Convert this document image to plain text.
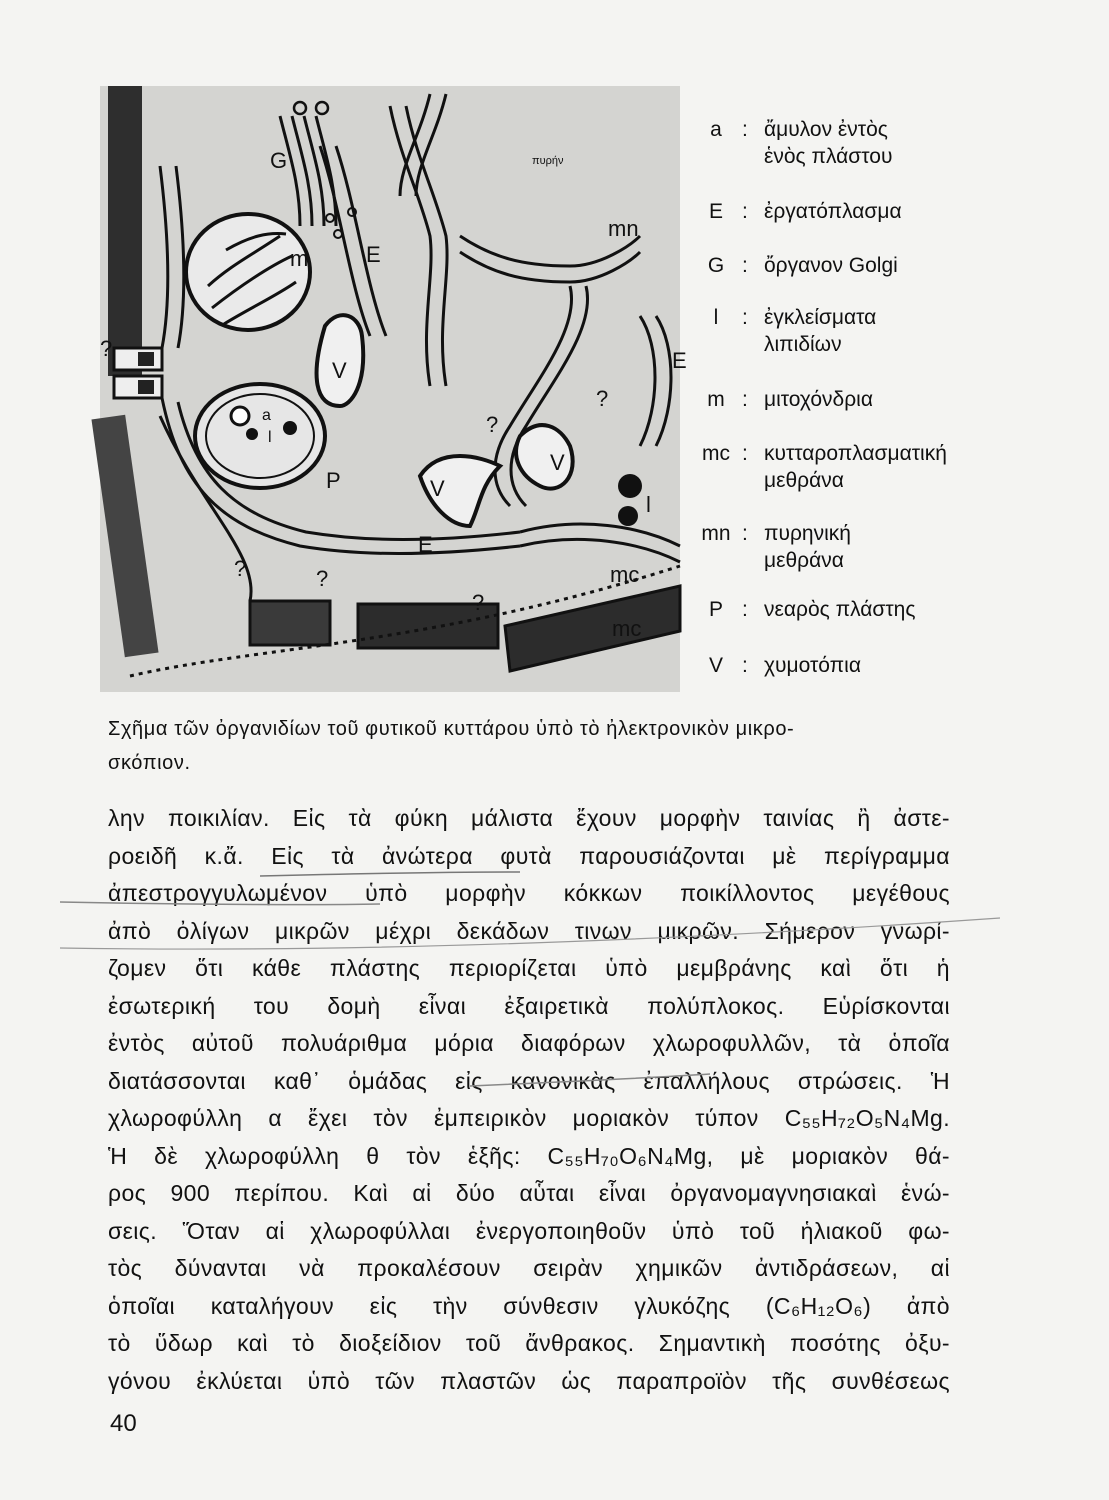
G
m	E
E
E
V
V
V
P
mn
mc
mc
l
a
l
?
?
?
?	?
?
πυρήν
a : ἄμυλον ἐντὸς
ἑνὸς πλάστου
E : ἐργατόπλασμα
G : ὄργανον Golgi
l	: ἐγκλείσματα
λιπιδίων
m : μιτοχόνδρια
mc : κυτταροπλασματική
μεθράνα
mn : πυρηνική
μεθράνα
P : νεαρὸς πλάστης
V : χυμοτόπια

Σχῆμα τῶν ὀργανιδίων τοῦ φυτικοῦ κυττάρου ὑπὸ τὸ ἠλεκτρονικὸν μικρο-
σκόπιον.

λην ποικιλίαν. Εἰς τὰ φύκη μάλιστα ἔχουν μορφὴν ταινίας ἢ ἀστε-
ροειδῆ κ.ἄ. Εἰς τὰ ἀνώτερα φυτὰ παρουσιάζονται μὲ περίγραμμα
ἀπεστρογγυλωμένον ὑπὸ μορφὴν κόκκων ποικίλλοντος μεγέθους
ἀπὸ ὀλίγων μικρῶν μέχρι δεκάδων τινων μικρῶν. Σήμερον γνωρί-
ζομεν ὅτι κάθε πλάστης περιορίζεται ὑπὸ μεμβράνης καὶ ὅτι ἡ
ἐσωτερική του δομὴ εἶναι ἐξαιρετικὰ πολύπλοκος. Εὑρίσκονται
ἐντὸς αὐτοῦ πολυάριθμα μόρια διαφόρων χλωροφυλλῶν, τὰ ὁποῖα
διατάσσονται καθ᾽ ὁμάδας εἰς κανονικὰς ἐπαλλήλους στρώσεις. Ἡ
χλωροφύλλη α ἔχει τὸν ἐμπειρικὸν μοριακὸν τύπον C₅₅H₇₂O₅N₄Mg.
Ἡ δὲ χλωροφύλλη θ τὸν ἑξῆς: C₅₅H₇₀O₆N₄Mg, μὲ μοριακὸν θά-
ρος 900 περίπου. Καὶ αἱ δύο αὗται εἶναι ὀργανομαγνησιακαὶ ἑνώ-
σεις. Ὅταν αἱ χλωροφύλλαι ἐνεργοποιηθοῦν ὑπὸ τοῦ ἡλιακοῦ φω-
τὸς δύνανται νὰ προκαλέσουν σειρὰν χημικῶν ἀντιδράσεων, αἱ
ὁποῖαι καταλήγουν εἰς τὴν σύνθεσιν γλυκόζης (C₆H₁₂O₆) ἀπὸ
τὸ ὕδωρ καὶ τὸ διοξείδιον τοῦ ἄνθρακος. Σημαντικὴ ποσότης ὀξυ-
γόνου ἐκλύεται ὑπὸ τῶν πλαστῶν ὡς παραπροϊὸν τῆς συνθέσεως
40
